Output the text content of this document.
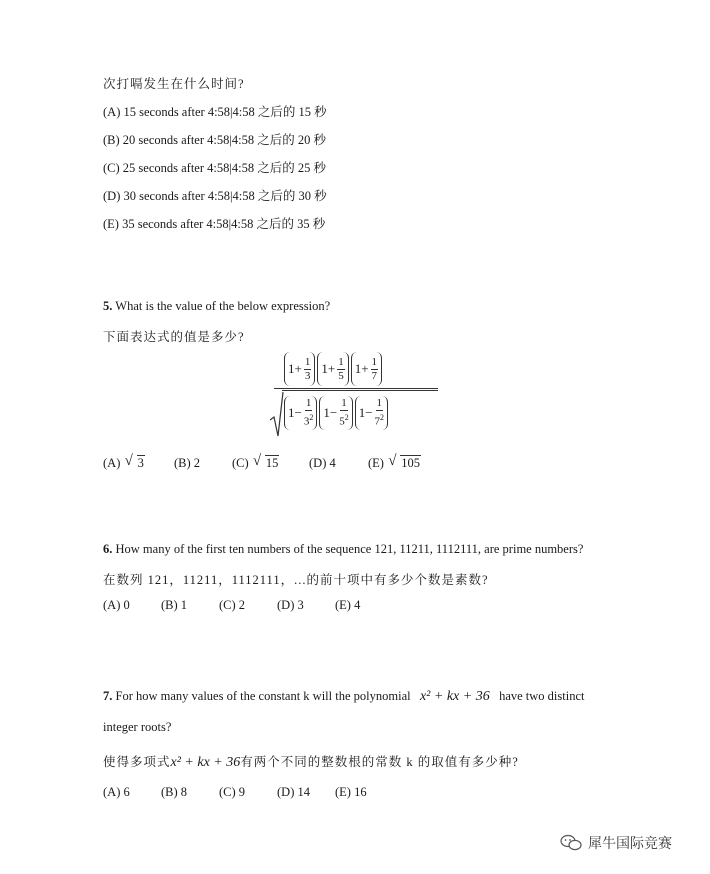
次打嗝发生在什么时间?
(A) 15 seconds after 4:58|4:58 之后的 15 秒
(B) 20 seconds after 4:58|4:58 之后的 20 秒
(C) 25 seconds after 4:58|4:58 之后的 25 秒
(D) 30 seconds after 4:58|4:58 之后的 30 秒
(E) 35 seconds after 4:58|4:58 之后的 35 秒
5. What is the value of the below expression?
下面表达式的值是多少?
$1+ \frac{1}{3} 1+ \frac{1}{5} 1+ \frac{1}{7}$
$1- \frac{1}{3^2} 1- \frac{1}{5^2} 1- \frac{1}{7^2}$
(A) √ 3 (B) 2	(C) √ 15 (D) 4	(E) √ 105
6. How many of the first ten numbers of the sequence 121, 11211, 1112111, are prime numbers?
在数列 121，11211，1112111，...的前十项中有多少个数是素数?
(A) 0	(B) 1	(C) 2	(D) 3	(E) 4
7. For how many values of the constant k will the polynomial x² + kx + 36 have two distinct
integer roots?
使得多项式x² + kx + 36有两个不同的整数根的常数 k 的取值有多少种?
(A) 6	(B) 8	(C) 9	(D) 14 (E) 16
犀牛国际竞赛
